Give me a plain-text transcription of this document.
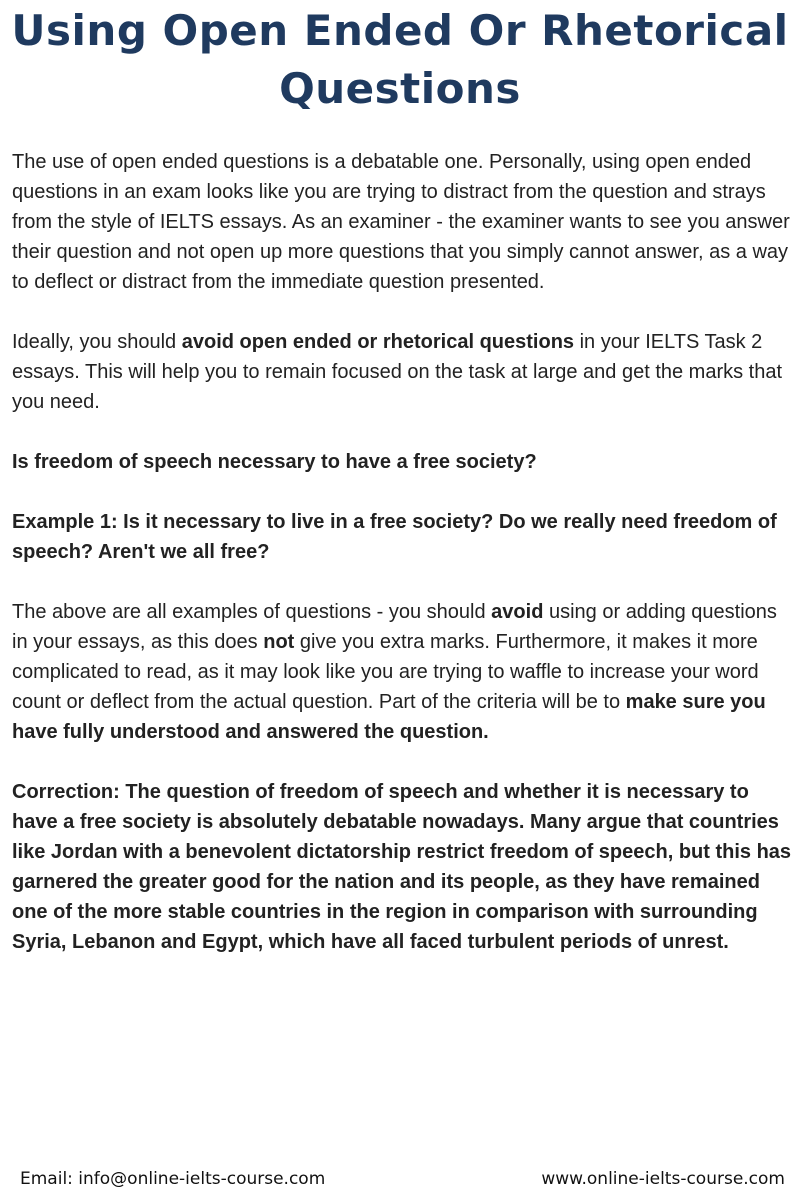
Using Open Ended Or Rhetorical Questions

The use of open ended questions is a debatable one. Personally, using open ended questions in an exam looks like you are trying to distract from the question and strays from the style of IELTS essays. As an examiner - the examiner wants to see you answer their question and not open up more questions that you simply cannot answer, as a way to deflect or distract from the immediate question presented.

Ideally, you should avoid open ended or rhetorical questions in your IELTS Task 2 essays. This will help you to remain focused on the task at large and get the marks that you need.

Is freedom of speech necessary to have a free society?

Example 1: Is it necessary to live in a free society? Do we really need freedom of speech? Aren't we all free?

The above are all examples of questions - you should avoid using or adding questions in your essays, as this does not give you extra marks. Furthermore, it makes it more complicated to read, as it may look like you are trying to waffle to increase your word count or deflect from the actual question. Part of the criteria will be to make sure you have fully understood and answered the question.

Correction: The question of freedom of speech and whether it is necessary to have a free society is absolutely debatable nowadays. Many argue that countries like Jordan with a benevolent dictatorship restrict freedom of speech, but this has garnered the greater good for the nation and its people, as they have remained one of the more stable countries in the region in comparison with surrounding Syria, Lebanon and Egypt, which have all faced turbulent periods of unrest.

Email: info@online-ielts-course.com	www.online-ielts-course.com
